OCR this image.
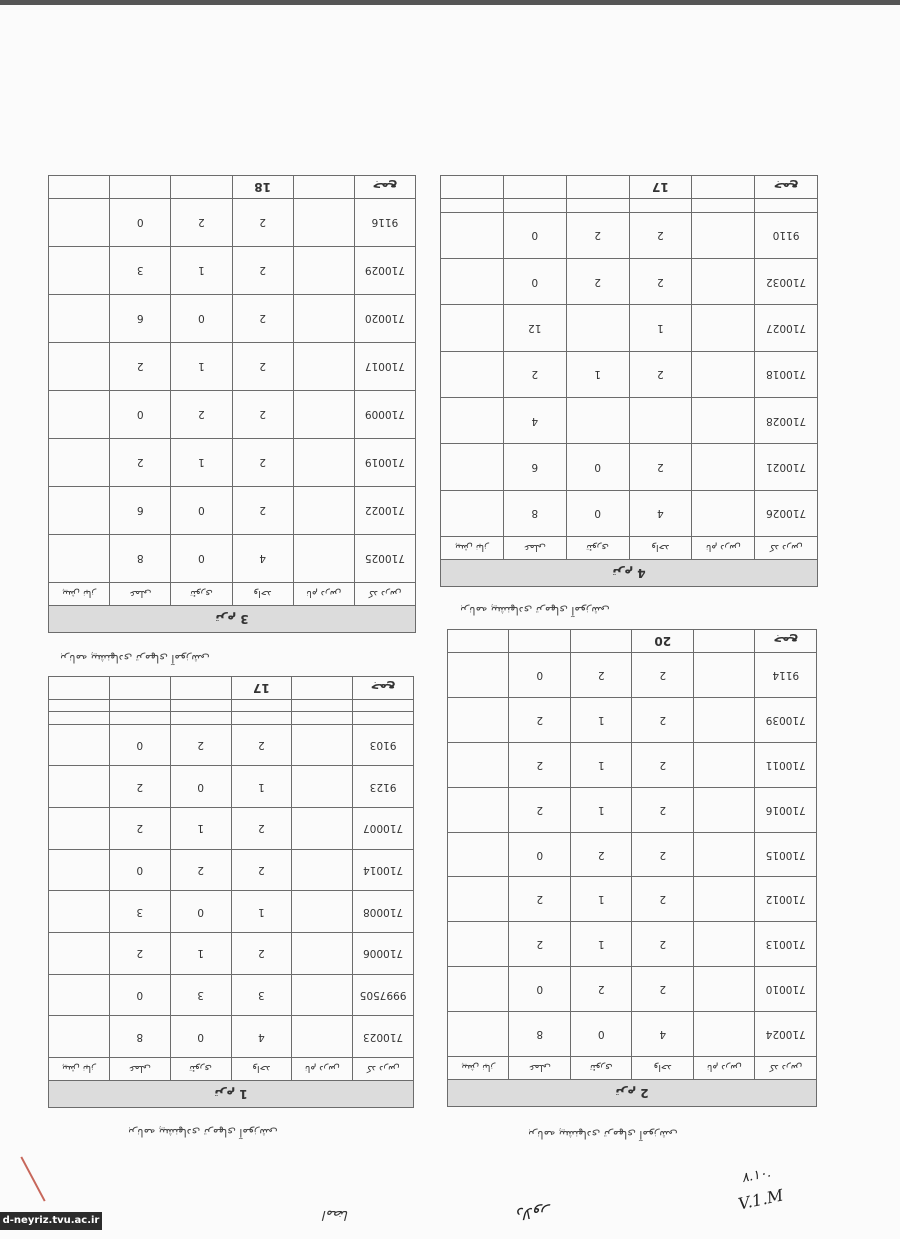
ترم 4					
کد درس	نام درس	واحد	تئوری	عملی	پیش نیاز
710026		4	0	8	
710021		2	0	6	
710028				4	
710018		2	1	2	
710027		1		12	
710032		2	2	0	
9110		2	2	0	

جمع		17			
برنامه پیشنهادی ترمهای آموزشی
ترم 3					
کد درس	نام درس	واحد	تئوری	عملی	پیش نیاز
710025		4	0	8	
710022		2	0	6	
710019		2	1	2	
710009		2	2	0	
710017		2	1	2	
710020		2	0	6	
710029		2	1	3	
9116		2	2	0	
جمع		18			
برنامه پیشنهادی ترمهای آموزشی
ترم 2					
کد درس	نام درس	واحد	تئوری	عملی	پیش نیاز
710024		4	0	8	
710010		2	2	0	
710013		2	1	2	
710012		2	1	2	
710015		2	2	0	
710016		2	1	2	
710011		2	1	2	
710039		2	1	2	
9114		2	2	0	
جمع		20			
برنامه پیشنهادی ترمهای آموزشی
ترم 1					
کد درس	نام درس	واحد	تئوری	عملی	پیش نیاز
710023		4	0	8	
9997505		3	3	0	
710006		2	1	2	
710008		1	0	3	
710014		2	2	0	
710007		2	1	2	
9123		1	0	2	
9103		2	2	0	

جمع		17			
برنامه پیشنهادی ترمهای آموزشی
٨.١٠.
V.1.M
دلاور
امضا
d-neyriz.tvu.ac.ir
